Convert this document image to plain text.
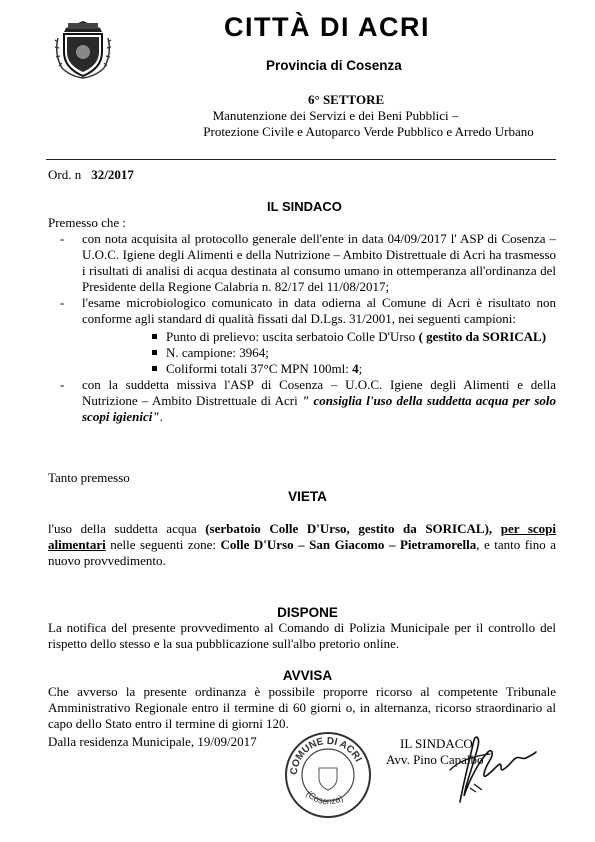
CITTÀ DI ACRI
Provincia di Cosenza
6° SETTORE
Manutenzione dei Servizi e dei Beni Pubblici –
Protezione Civile e Autoparco Verde Pubblico e Arredo Urbano
Ord. n 32/2017
IL SINDACO
Premesso che :
- con nota acquisita al protocollo generale dell'ente in data 04/09/2017 l' ASP di Cosenza – U.O.C. Igiene degli Alimenti e della Nutrizione – Ambito Distrettuale di Acri ha trasmesso i risultati di analisi di acqua destinata al consumo umano in ottemperanza all'ordinanza del Presidente della Regione Calabria n. 82/17 del 11/08/2017;
- l'esame microbiologico comunicato in data odierna al Comune di Acri è risultato non conforme agli standard di qualità fissati dal D.Lgs. 31/2001, nei seguenti campioni:
Punto di prelievo: uscita serbatoio Colle D'Urso ( gestito da SORICAL)
N. campione: 3964;
Coliformi totali 37°C MPN 100ml: 4;
- con la suddetta missiva l'ASP di Cosenza – U.O.C. Igiene degli Alimenti e della Nutrizione – Ambito Distrettuale di Acri " consiglia l'uso della suddetta acqua per solo scopi igienici".
Tanto premesso
VIETA
l'uso della suddetta acqua (serbatoio Colle D'Urso, gestito da SORICAL), per scopi alimentari nelle seguenti zone: Colle D'Urso – San Giacomo – Pietramorella, e tanto fino a nuovo provvedimento.
DISPONE
La notifica del presente provvedimento al Comando di Polizia Municipale per il controllo del rispetto dello stesso e la sua pubblicazione sull'albo pretorio online.
AVVISA
Che avverso la presente ordinanza è possibile proporre ricorso al competente Tribunale Amministrativo Regionale entro il termine di 60 giorni o, in alternanza, ricorso straordinario al capo dello Stato entro il termine di giorni 120.
Dalla residenza Municipale, 19/09/2017
COMUNE DI ACRI
(Cosenza)
IL SINDACO
Avv. Pino Capalbo
